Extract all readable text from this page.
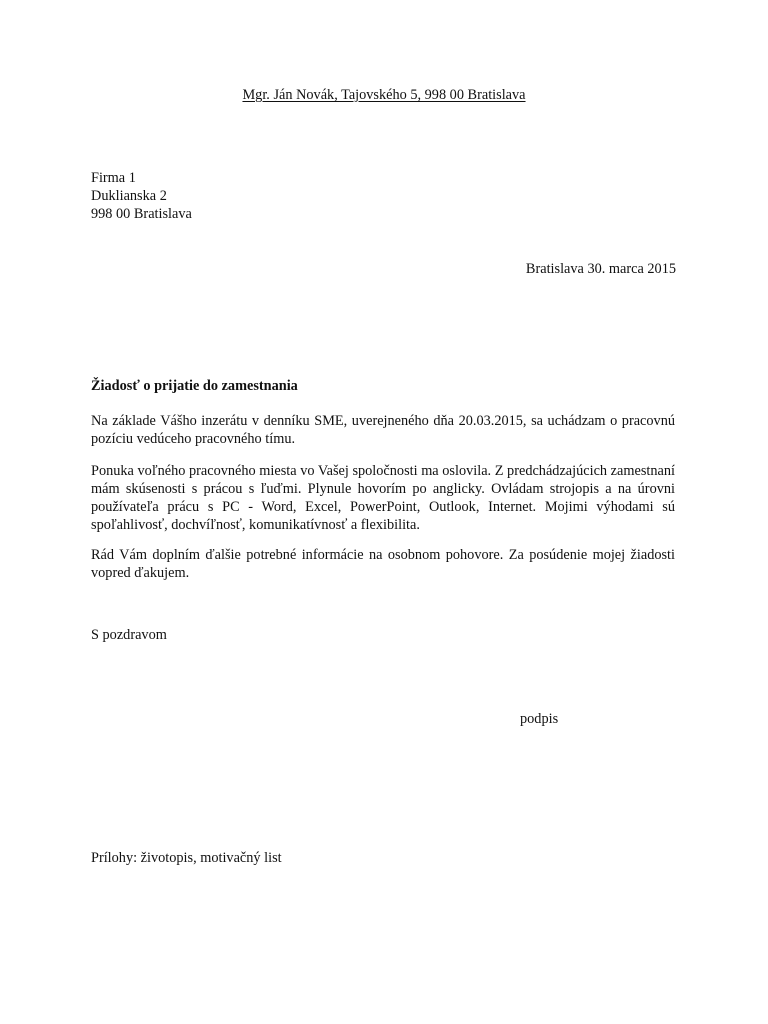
Mgr. Ján Novák, Tajovského 5, 998 00 Bratislava
Firma 1
Duklianska 2
998 00 Bratislava
Bratislava 30. marca 2015
Žiadosť o prijatie do zamestnania
Na základe Vášho inzerátu v denníku SME, uverejneného dňa 20.03.2015, sa uchádzam o pracovnú pozíciu vedúceho pracovného tímu.
Ponuka voľného pracovného miesta vo Vašej spoločnosti ma oslovila. Z predchádzajúcich zamestnaní mám skúsenosti s prácou s ľuďmi. Plynule hovorím po anglicky. Ovládam strojopis a na úrovni používateľa prácu s PC - Word, Excel, PowerPoint, Outlook, Internet. Mojimi výhodami sú spoľahlivosť, dochvíľnosť, komunikatívnosť a flexibilita.
Rád Vám doplním ďalšie potrebné informácie na osobnom pohovore. Za posúdenie mojej žiadosti vopred ďakujem.
S pozdravom
podpis
Prílohy: životopis, motivačný list
